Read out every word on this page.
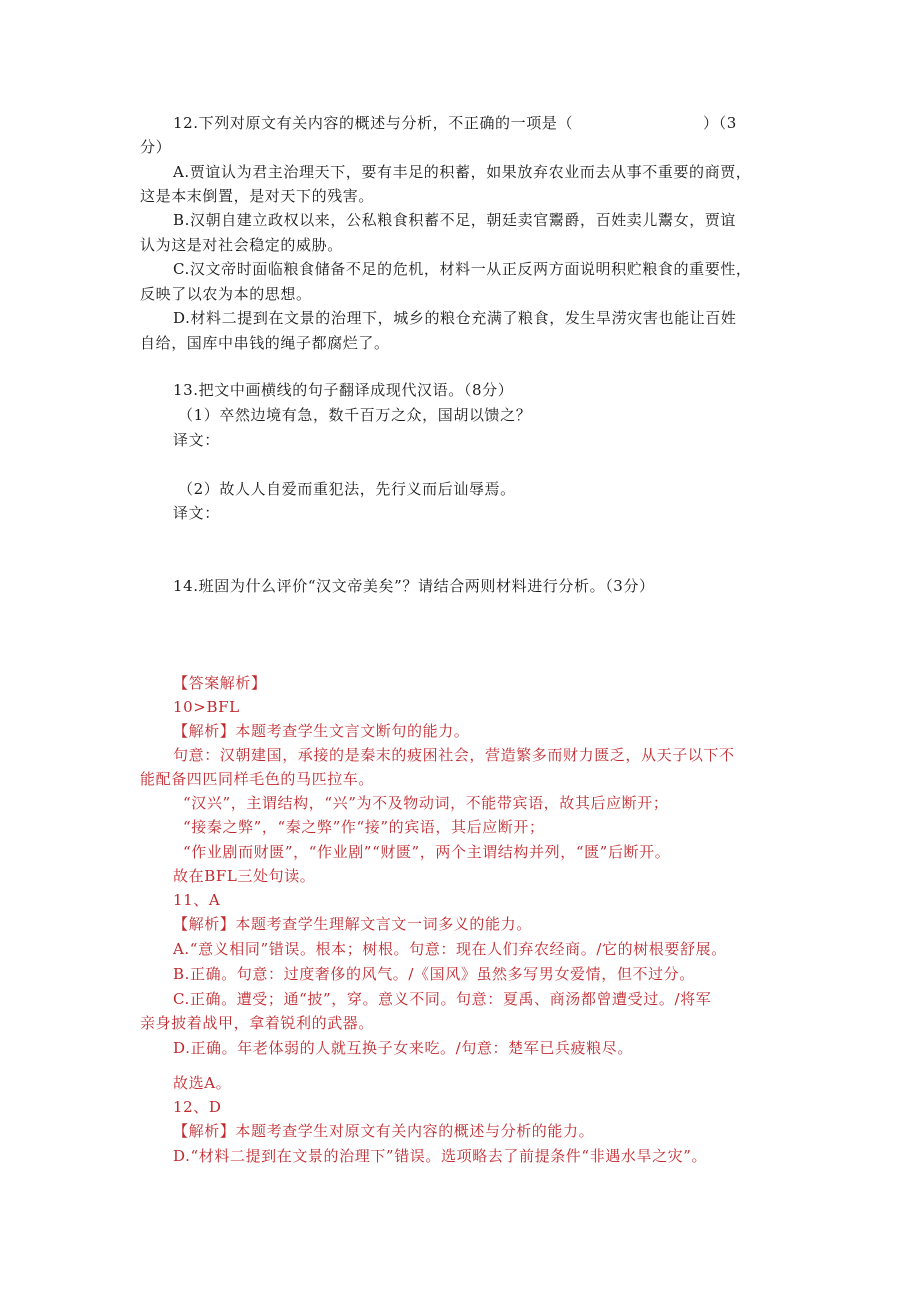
12.下列对原文有关内容的概述与分析，不正确的一项是（	）（3
分）
A.贾谊认为君主治理天下，要有丰足的积蓄，如果放弃农业而去从事不重要的商贾，
这是本末倒置，是对天下的残害。
B.汉朝自建立政权以来，公私粮食积蓄不足，朝廷卖官鬻爵，百姓卖儿鬻女，贾谊
认为这是对社会稳定的威胁。
C.汉文帝时面临粮食储备不足的危机，材料一从正反两方面说明积贮粮食的重要性，
反映了以农为本的思想。
D.材料二提到在文景的治理下，城乡的粮仓充满了粮食，发生旱涝灾害也能让百姓
自给，国库中串钱的绳子都腐烂了。
13.把文中画横线的句子翻译成现代汉语。（8分）
（1）卒然边境有急，数千百万之众，国胡以馈之？
译文：
（2）故人人自爱而重犯法，先行义而后讪辱焉。
译文：
14.班固为什么评价“汉文帝美矣”？请结合两则材料进行分析。（3分）
【答案解析】
10>BFL
【解析】本题考查学生文言文断句的能力。
句意：汉朝建国，承接的是秦末的疲困社会，营造繁多而财力匮乏，从天子以下不
能配备四匹同样毛色的马匹拉车。
“汉兴”，主谓结构，“兴”为不及物动词，不能带宾语，故其后应断开；
“接秦之弊”，“秦之弊”作“接”的宾语，其后应断开；
“作业剧而财匮”，“作业剧”“财匮”，两个主谓结构并列，“匮”后断开。
故在BFL三处句读。
11、A
【解析】本题考查学生理解文言文一词多义的能力。
A.“意义相同”错误。根本；树根。句意：现在人们弃农经商。/它的树根要舒展。
B.正确。句意：过度奢侈的风气。/《国风》虽然多写男女爱情，但不过分。
C.正确。遭受；通“披”，穿。意义不同。句意：夏禹、商汤都曾遭受过。/将军
亲身披着战甲，拿着锐利的武器。
D.正确。年老体弱的人就互换子女来吃。/句意：楚军已兵疲粮尽。
故选A。
12、D
【解析】本题考查学生对原文有关内容的概述与分析的能力。
D.“材料二提到在文景的治理下”错误。选项略去了前提条件“非遇水旱之灾”。
